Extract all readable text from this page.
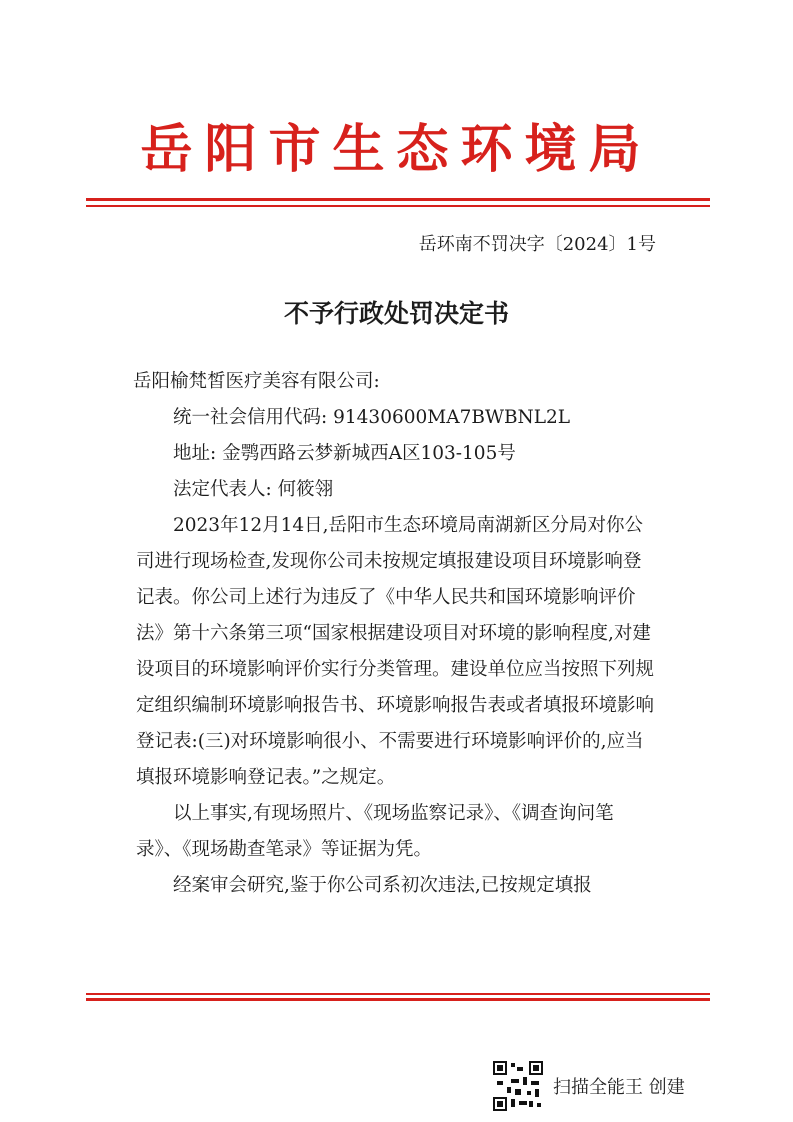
岳阳市生态环境局
岳环南不罚决字〔2024〕1号
不予行政处罚决定书

岳阳榆梵皙医疗美容有限公司:

统一社会信用代码: 91430600MA7BWBNL2L

地址: 金鹗西路云梦新城西A区103-105号

法定代表人: 何筱翎

2023年12月14日,岳阳市生态环境局南湖新区分局对你公司进行现场检查,发现你公司未按规定填报建设项目环境影响登记表。你公司上述行为违反了《中华人民共和国环境影响评价法》第十六条第三项“国家根据建设项目对环境的影响程度,对建设项目的环境影响评价实行分类管理。建设单位应当按照下列规定组织编制环境影响报告书、环境影响报告表或者填报环境影响登记表:(三)对环境影响很小、不需要进行环境影响评价的,应当填报环境影响登记表。”之规定。

以上事实,有现场照片、《现场监察记录》、《调查询问笔录》、《现场勘查笔录》等证据为凭。

经案审会研究,鉴于你公司系初次违法,已按规定填报

扫描全能王 创建
